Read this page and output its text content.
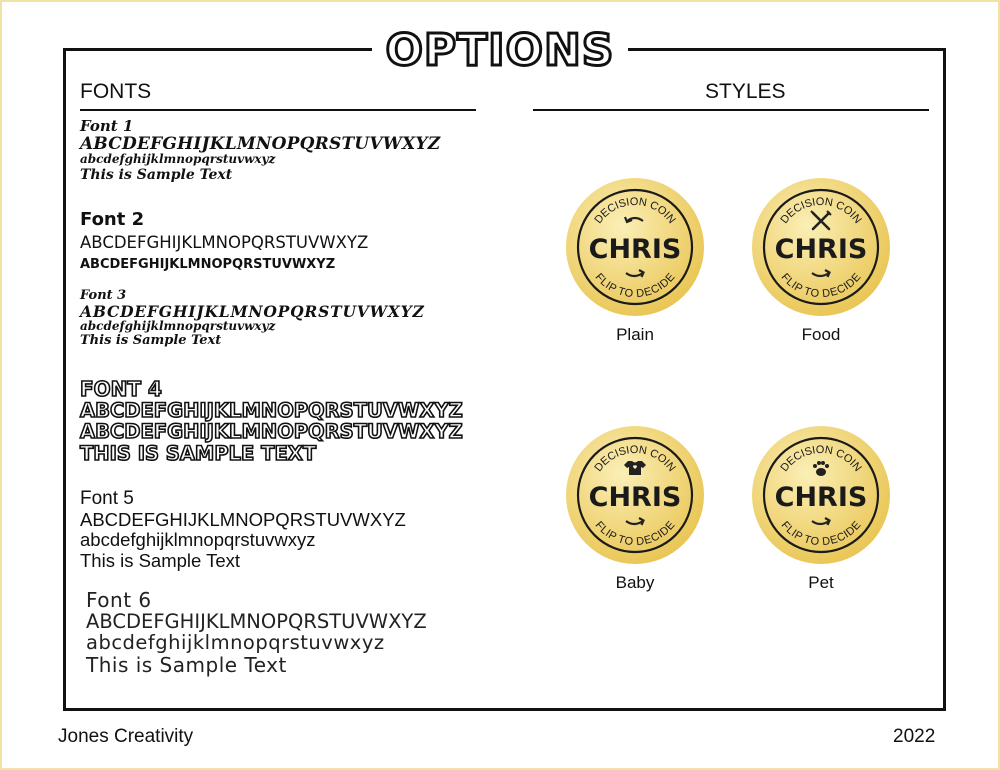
OPTIONS
FONTS	STYLES
Font 1
ABCDEFGHIJKLMNOPQRSTUVWXYZ
abcdefghijklmnopqrstuvwxyz
This is Sample Text
Font 2
ABCDEFGHIJKLMNOPQRSTUVWXYZ
ABCDEFGHIJKLMNOPQRSTUVWXYZ
Font 3
ABCDEFGHIJKLMNOPQRSTUVWXYZ
abcdefghijklmnopqrstuvwxyz
This is Sample Text
FONT 4
ABCDEFGHIJKLMNOPQRSTUVWXYZ
ABCDEFGHIJKLMNOPQRSTUVWXYZ
THIS IS SAMPLE TEXT
Font 5
ABCDEFGHIJKLMNOPQRSTUVWXYZ
abcdefghijklmnopqrstuvwxyz
This is Sample Text
Font 6
ABCDEFGHIJKLMNOPQRSTUVWXYZ
abcdefghijklmnopqrstuvwxyz
This is Sample Text
DECISION COIN
FLIP TO DECIDE
CHRIS
Plain
DECISION COIN
FLIP TO DECIDE
CHRIS
Food
DECISION COIN
FLIP TO DECIDE
CHRIS
Baby
DECISION COIN
FLIP TO DECIDE
CHRIS
Pet
Jones Creativity	2022
